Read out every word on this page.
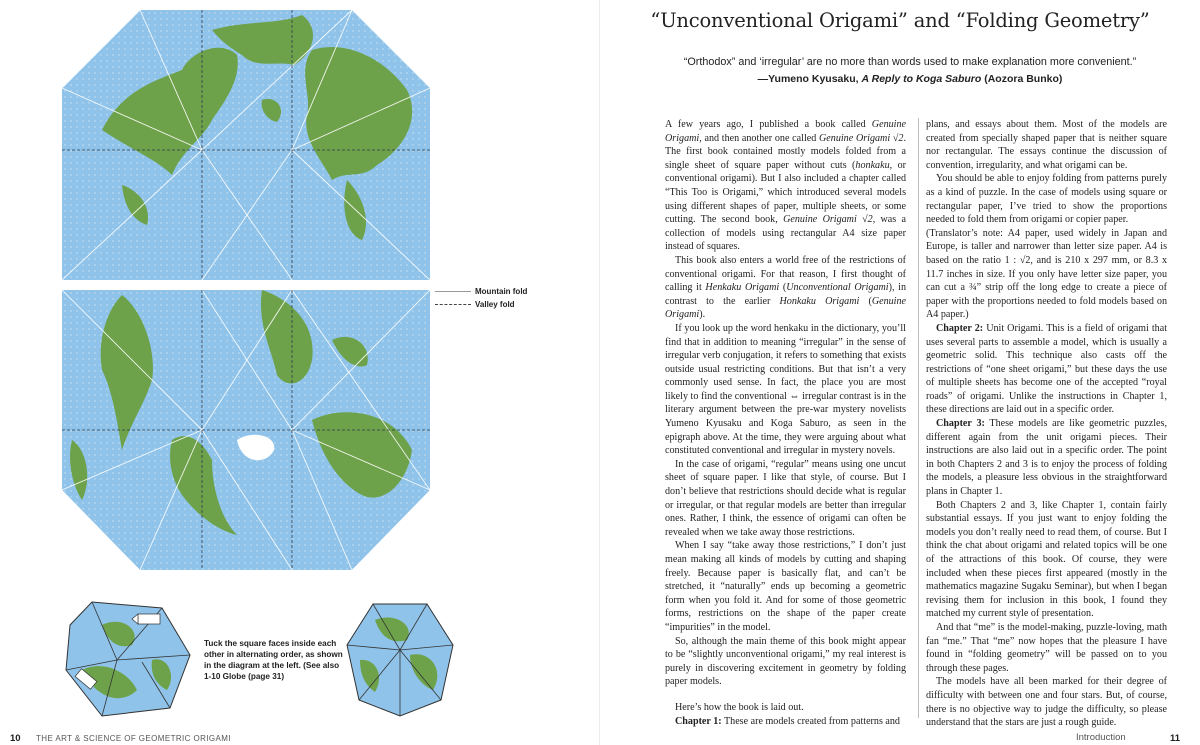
Mountain fold
Valley fold
Tuck the square faces inside each other in alternating order, as shown in the diagram at the left. (See also 1-10 Globe (page 31)
10 THE ART & SCIENCE OF GEOMETRIC ORIGAMI
“Unconventional Origami” and “Folding Geometry”
“Orthodox” and ‘irregular’ are no more than words used to make explanation more convenient.”
—Yumeno Kyusaku, A Reply to Koga Saburo (Aozora Bunko)

A few years ago, I published a book called Genuine Origami, and then another one called Genuine Origami √2. The first book contained mostly models folded from a single sheet of square paper without cuts (honkaku, or conventional origami). But I also included a chapter called “This Too is Origami,” which introduced several models using different shapes of paper, multiple sheets, or some cutting. The second book, Genuine Origami √2, was a collection of models using rectangular A4 size paper instead of squares.

This book also enters a world free of the restrictions of conventional origami. For that reason, I first thought of calling it Henkaku Origami (Unconventional Origami), in contrast to the earlier Honkaku Origami (Genuine Origami).

If you look up the word henkaku in the dictionary, you’ll find that in addition to meaning “irregular” in the sense of irregular verb conjugation, it refers to something that exists outside usual restricting conditions. But that isn’t a very commonly used sense. In fact, the place you are most likely to find the conventional ⇔ irregular contrast is in the literary argument between the pre-war mystery novelists Yumeno Kyusaku and Koga Saburo, as seen in the epigraph above. At the time, they were arguing about what constituted conventional and irregular in mystery novels.

In the case of origami, “regular” means using one uncut sheet of square paper. I like that style, of course. But I don’t believe that restrictions should decide what is regular or irregular, or that regular models are better than irregular ones. Rather, I think, the essence of origami can often be revealed when we take away those restrictions.

When I say “take away those restrictions,” I don’t just mean making all kinds of models by cutting and shaping freely. Because paper is basically flat, and can’t be stretched, it “naturally” ends up becoming a geometric form when you fold it. And for some of those geometric forms, restrictions on the shape of the paper create “impurities” in the model.

So, although the main theme of this book might appear to be “slightly unconventional origami,” my real interest is purely in discovering excitement in geometry by folding paper models.

Here’s how the book is laid out.

Chapter 1: These are models created from patterns and

plans, and essays about them. Most of the models are created from specially shaped paper that is neither square nor rectangular. The essays continue the discussion of convention, irregularity, and what origami can be.

You should be able to enjoy folding from patterns purely as a kind of puzzle. In the case of models using square or rectangular paper, I’ve tried to show the proportions needed to fold them from origami or copier paper.

(Translator’s note: A4 paper, used widely in Japan and Europe, is taller and narrower than letter size paper. A4 is based on the ratio 1 : √2, and is 210 x 297 mm, or 8.3 x 11.7 inches in size. If you only have letter size paper, you can cut a ¾” strip off the long edge to create a piece of paper with the proportions needed to fold models based on A4 paper.)

Chapter 2: Unit Origami. This is a field of origami that uses several parts to assemble a model, which is usually a geometric solid. This technique also casts off the restrictions of “one sheet origami,” but these days the use of multiple sheets has become one of the accepted “royal roads” of origami. Unlike the instructions in Chapter 1, these directions are laid out in a specific order.

Chapter 3: These models are like geometric puzzles, different again from the unit origami pieces. Their instructions are also laid out in a specific order. The point in both Chapters 2 and 3 is to enjoy the process of folding the models, a pleasure less obvious in the straightforward plans in Chapter 1.

Both Chapters 2 and 3, like Chapter 1, contain fairly substantial essays. If you just want to enjoy folding the models you don’t really need to read them, of course. But I think the chat about origami and related topics will be one of the attractions of this book. Of course, they were included when these pieces first appeared (mostly in the mathematics magazine Sugaku Seminar), but when I began revising them for inclusion in this book, I found they matched my current style of presentation.

And that “me” is the model-making, puzzle-loving, math fan “me.” That “me” now hopes that the pleasure I have found in “folding geometry” will be passed on to you through these pages.

The models have all been marked for their degree of difficulty with between one and four stars. But, of course, there is no objective way to judge the difficulty, so please understand that the stars are just a rough guide.

Introduction	11
